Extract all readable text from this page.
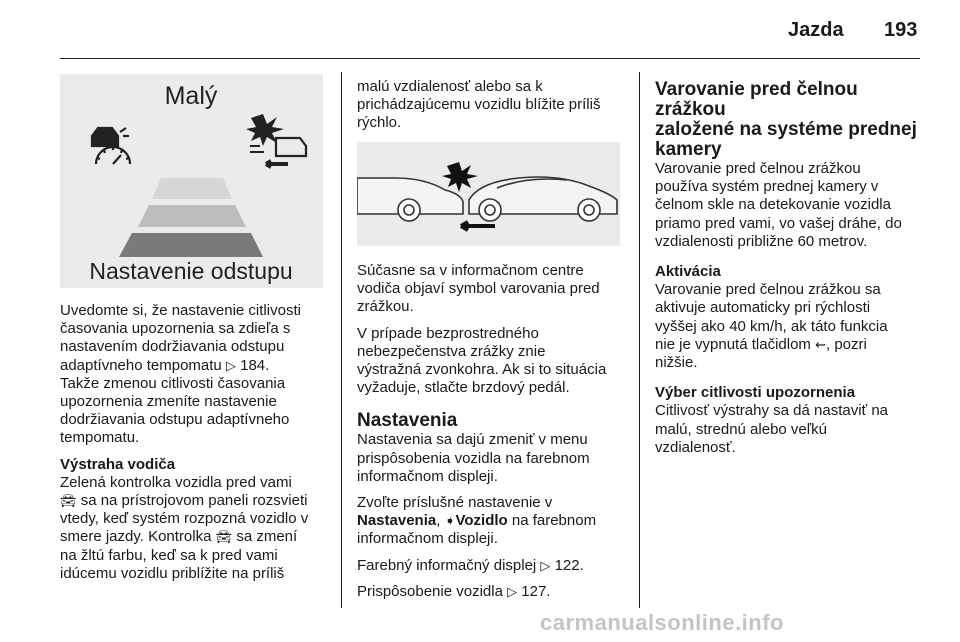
Jazda 193
Malý
Nastavenie odstupu

Uvedomte si, že nastavenie citlivosti
časovania upozornenia sa zdieľa s
nastavením dodržiavania odstupu
adaptívneho tempomatu ▷ 184.
Takže zmenou citlivosti časovania
upozornenia zmeníte nastavenie
dodržiavania odstupu adaptívneho
tempomatu.

Výstraha vodiča

Zelená kontrolka vozidla pred vami
🚘︎ sa na prístrojovom paneli rozsvieti
vtedy, keď systém rozpozná vozidlo v
smere jazdy. Kontrolka 🚘︎ sa zmení
na žltú farbu, keď sa k pred vami
idúcemu vozidlu priblížite na príliš

malú vzdialenosť alebo sa k
prichádzajúcemu vozidlu blížite príliš
rýchlo.

Súčasne sa v informačnom centre
vodiča objaví symbol varovania pred
zrážkou.

V prípade bezprostredného
nebezpečenstva zrážky znie
výstražná zvonkohra. Ak si to situácia
vyžaduje, stlačte brzdový pedál.

Nastavenia

Nastavenia sa dajú zmeniť v menu
prispôsobenia vozidla na farebnom
informačnom displeji.

Zvoľte príslušné nastavenie v
Nastavenia, ➧Vozidlo na farebnom
informačnom displeji.

Farebný informačný displej ▷ 122.

Prispôsobenie vozidla ▷ 127.

Varovanie pred čelnou zrážkou
založené na systéme prednej
kamery

Varovanie pred čelnou zrážkou
používa systém prednej kamery v
čelnom skle na detekovanie vozidla
priamo pred vami, vo vašej dráhe, do
vzdialenosti približne 60 metrov.

Aktivácia

Varovanie pred čelnou zrážkou sa
aktivuje automaticky pri rýchlosti
vyššej ako 40 km/h, ak táto funkcia
nie je vypnutá tlačidlom ⇜, pozri
nižšie.

Výber citlivosti upozornenia

Citlivosť výstrahy sa dá nastaviť na
malú, strednú alebo veľkú
vzdialenosť.

carmanualsonline.info
